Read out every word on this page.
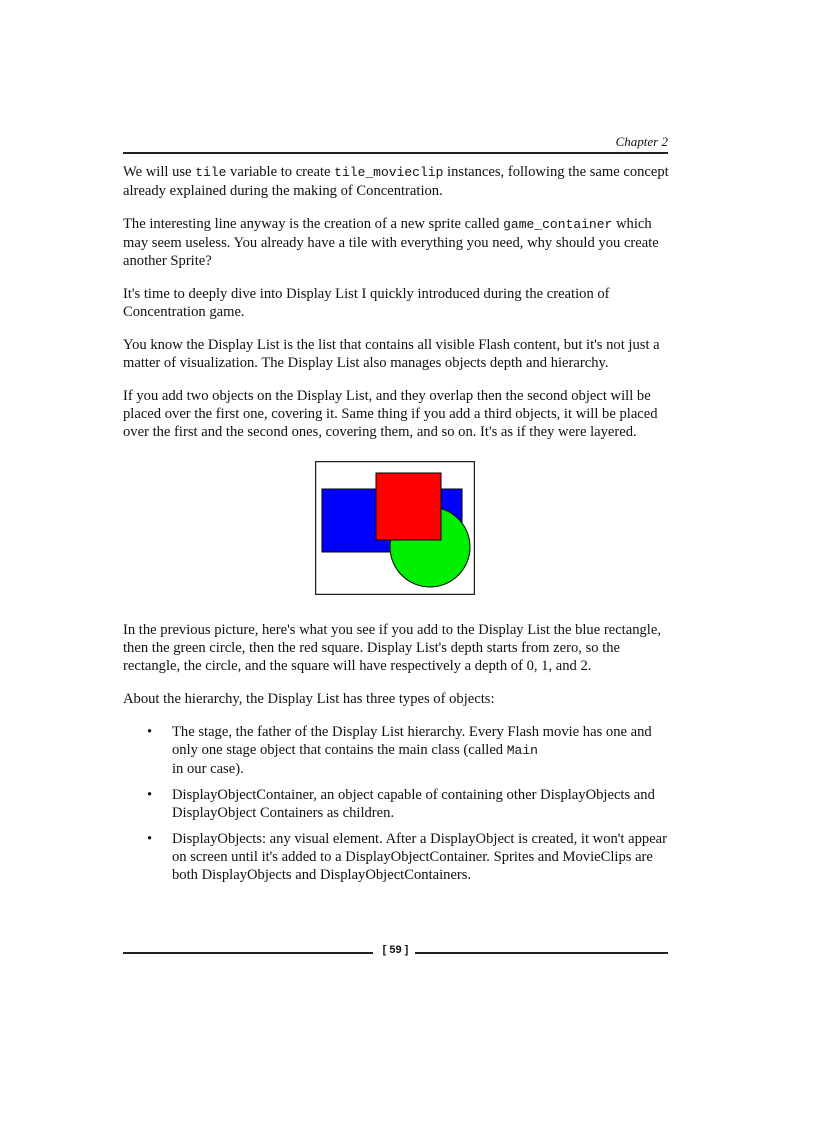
Chapter 2

We will use tile variable to create tile_movieclip instances, following the same concept already explained during the making of Concentration.

The interesting line anyway is the creation of a new sprite called game_container which may seem useless. You already have a tile with everything you need, why should you create another Sprite?

It's time to deeply dive into Display List I quickly introduced during the creation of Concentration game.

You know the Display List is the list that contains all visible Flash content, but it's not just a matter of visualization. The Display List also manages objects depth and hierarchy.

If you add two objects on the Display List, and they overlap then the second object will be placed over the first one, covering it. Same thing if you add a third objects, it will be placed over the first and the second ones, covering them, and so on. It's as if they were layered.

In the previous picture, here's what you see if you add to the Display List the blue rectangle, then the green circle, then the red square. Display List's depth starts from zero, so the rectangle, the circle, and the square will have respectively a depth of 0, 1, and 2.

About the hierarchy, the Display List has three types of objects:

• The stage, the father of the Display List hierarchy. Every Flash movie has one and only one stage object that contains the main class (called Main
in our case).
• DisplayObjectContainer, an object capable of containing other DisplayObjects and DisplayObject Containers as children.
• DisplayObjects: any visual element. After a DisplayObject is created, it won't appear on screen until it's added to a DisplayObjectContainer. Sprites and MovieClips are both DisplayObjects and DisplayObjectContainers.
[ 59 ]
